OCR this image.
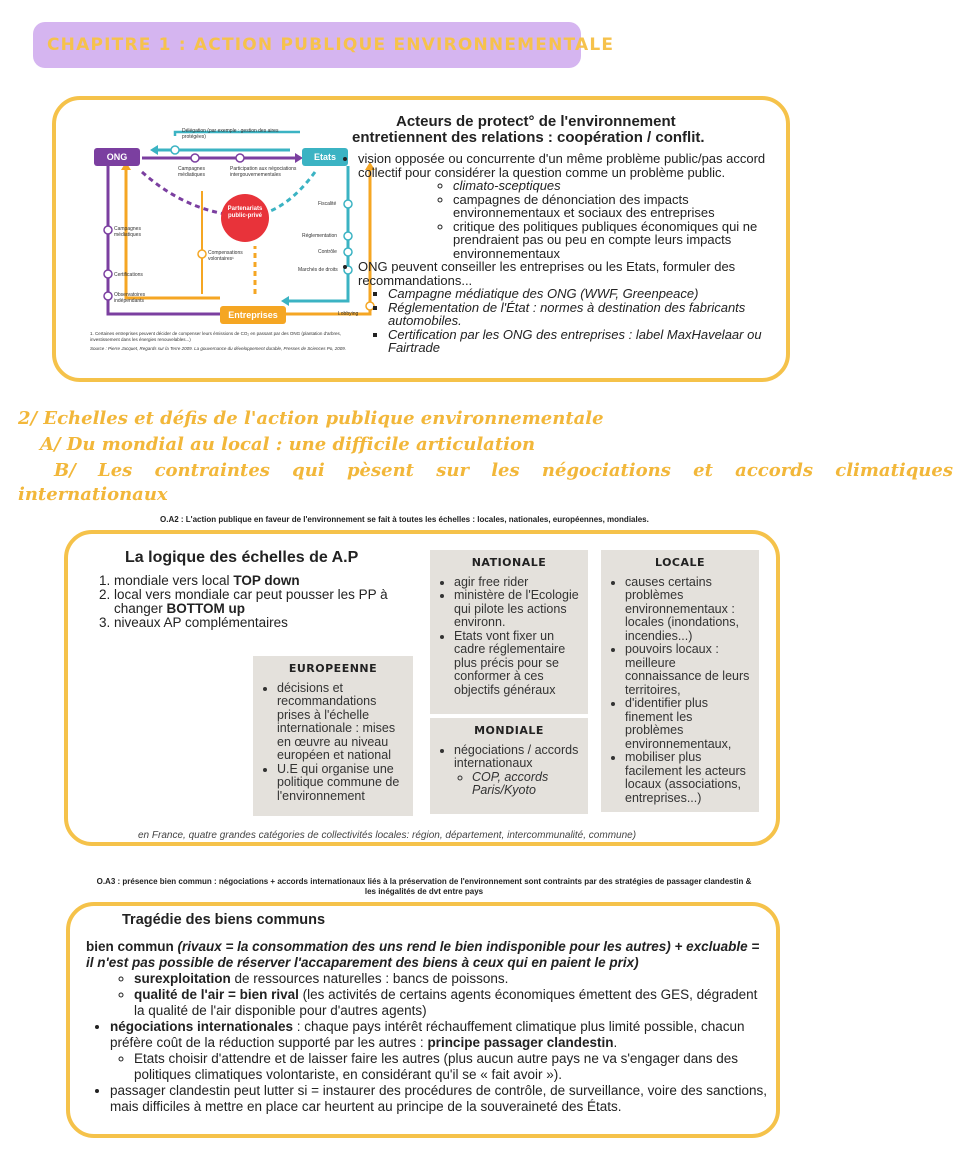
CHAPITRE 1 : ACTION PUBLIQUE ENVIRONNEMENTALE
ONG	Etats
Entreprises
Partenariats public-privé
Délégation (par exemple : gestion des aires protégées)
Campagnes médiatiques
Participation aux négociations intergouvernementales
Fiscalité
Réglementation
Contrôle
Marchés de droits
Lobbying
Campagnes médiatiques
Compensations volontaires¹
Certifications
Observatoires indépendants
1. Certaines entreprises peuvent décider de compenser leurs émissions de CO₂ en passant par des ONG (plantation d'arbres, investissement dans les énergies renouvelables...)
Source : Pierre Jacquet, Regards sur la Terre 2009. La gouvernance du développement durable, Presses de Sciences Po, 2009.
Acteurs de protect° de l'environnement
entretiennent des relations : coopération / conflit.
• vision opposée ou concurrente d'un même problème public/pas accord collectif pour considérer la question comme un problème public.
◦ climato-sceptiques
◦ campagnes de dénonciation des impacts environnementaux et sociaux des entreprises
◦ critique des politiques publiques économiques qui ne prendraient pas ou peu en compte leurs impacts environnementaux
• ONG peuvent conseiller les entreprises ou les Etats, formuler des recommandations...
▪ Campagne médiatique des ONG (WWF, Greenpeace)
▪ Réglementation de l'État : normes à destination des fabricants automobiles.
▪ Certification par les ONG des entreprises : label MaxHavelaar ou Fairtrade
2/ Echelles et défis de l'action publique environnementale
A/ Du mondial au local : une difficile articulation
B/ Les contraintes qui pèsent sur les négociations et accords climatiques
internationaux
O.A2 : L'action publique en faveur de l'environnement se fait à toutes les échelles : locales, nationales, européennes, mondiales.
La logique des échelles de A.P
1. mondiale vers local TOP down
2. local vers mondiale car peut pousser les PP à changer BOTTOM up
3. niveaux AP complémentaires
NATIONALE
• agir free rider
• ministère de l'Ecologie qui pilote les actions environn.
• Etats vont fixer un cadre réglementaire plus précis pour se conformer à ces objectifs généraux
LOCALE
• causes certains problèmes environnementaux : locales (inondations, incendies...)
• pouvoirs locaux : meilleure connaissance de leurs territoires,
• d'identifier plus finement les problèmes environnementaux,
• mobiliser plus facilement les acteurs locaux (associations, entreprises...)
EUROPEENNE
• décisions et recommandations prises à l'échelle internationale : mises en œuvre au niveau européen et national
• U.E qui organise une politique commune de l'environnement
MONDIALE
• négociations / accords internationaux
◦ COP, accords Paris/Kyoto
en France, quatre grandes catégories de collectivités locales: région, département, intercommunalité, commune)
O.A3 : présence bien commun : négociations + accords internationaux liés à la préservation de l'environnement sont contraints par des stratégies de passager clandestin & les inégalités de dvt entre pays
Tragédie des biens communs
bien commun (rivaux = la consommation des uns rend le bien indisponible pour les autres) + excluable = il n'est pas possible de réserver l'accaparement des biens à ceux qui en paient le prix)
◦ surexploitation de ressources naturelles : bancs de poissons.
◦ qualité de l'air = bien rival (les activités de certains agents économiques émettent des GES, dégradent la qualité de l'air disponible pour d'autres agents)
• négociations internationales : chaque pays intérêt réchauffement climatique plus limité possible, chacun préfère coût de la réduction supporté par les autres : principe passager clandestin.
◦ Etats choisir d'attendre et de laisser faire les autres (plus aucun autre pays ne va s'engager dans des politiques climatiques volontariste, en considérant qu'il se « fait avoir »).
• passager clandestin peut lutter si = instaurer des procédures de contrôle, de surveillance, voire des sanctions, mais difficiles à mettre en place car heurtent au principe de la souveraineté des États.
